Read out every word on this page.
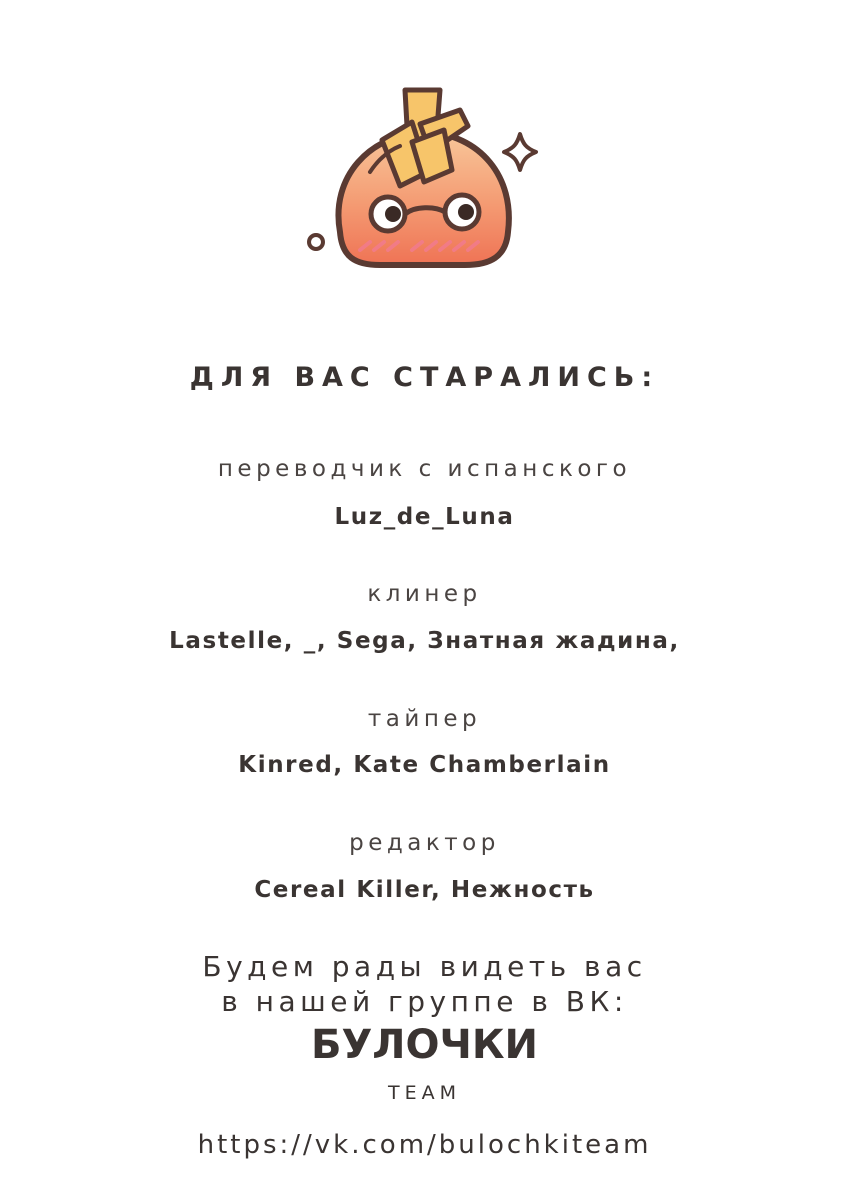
ДЛЯ ВАС СТАРАЛИСЬ:
переводчик с испанского
Luz_de_Luna
клинер
Lastelle, _, Sega, Знатная жадина,
тайпер
Kinred, Kate Chamberlain
редактор
Cereal Killer, Нежность
Будем рады видеть вас
в нашей группе в ВК:
БУЛОЧКИ
TEAM
https://vk.com/bulochkiteam
